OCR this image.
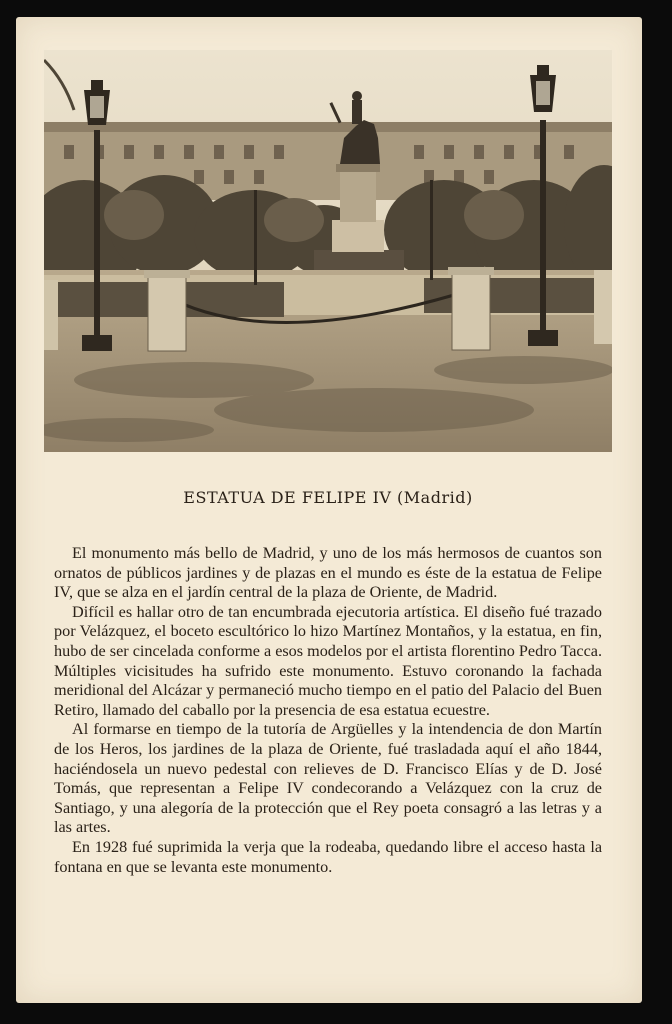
ESTATUA DE FELIPE IV (Madrid)

El monumento más bello de Madrid, y uno de los más hermosos de cuantos son ornatos de públicos jardines y de plazas en el mundo es éste de la estatua de Felipe IV, que se alza en el jardín central de la plaza de Oriente, de Madrid.

Difícil es hallar otro de tan encumbrada ejecutoria artística. El diseño fué trazado por Velázquez, el boceto escultórico lo hizo Martínez Montaños, y la estatua, en fin, hubo de ser cincelada conforme a esos modelos por el artista florentino Pedro Tacca. Múltiples vicisitudes ha sufrido este monumento. Estuvo coronando la fachada meridional del Alcázar y permaneció mucho tiempo en el patio del Palacio del Buen Retiro, llamado del caballo por la presencia de esa estatua ecuestre.

Al formarse en tiempo de la tutoría de Argüelles y la intendencia de don Martín de los Heros, los jardines de la plaza de Oriente, fué trasladada aquí el año 1844, haciéndosela un nuevo pedestal con relieves de D. Francisco Elías y de D. José Tomás, que representan a Felipe IV condecorando a Velázquez con la cruz de Santiago, y una alegoría de la protección que el Rey poeta consagró a las letras y a las artes.

En 1928 fué suprimida la verja que la rodeaba, quedando libre el acceso hasta la fontana en que se levanta este monumento.
